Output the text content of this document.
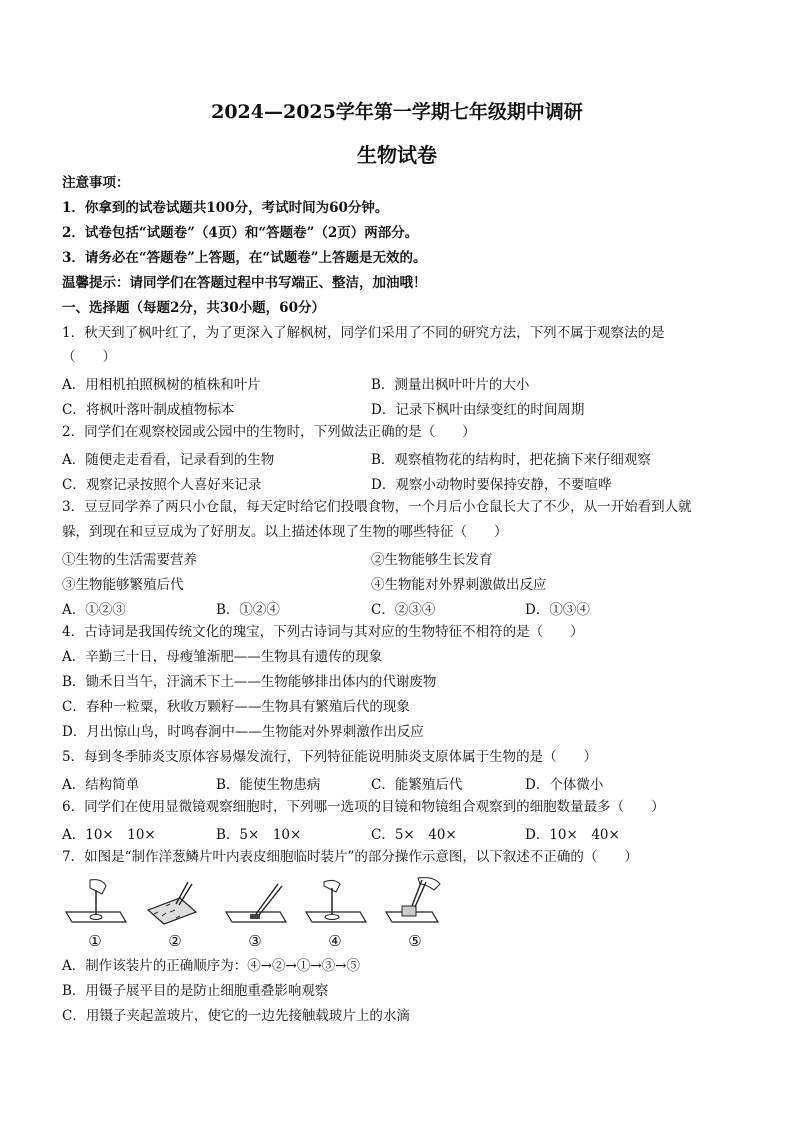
2024—2025学年第一学期七年级期中调研
生物试卷
注意事项：
1．你拿到的试卷试题共100分，考试时间为60分钟。
2．试卷包括“试题卷”（4页）和“答题卷”（2页）两部分。
3．请务必在“答题卷”上答题，在“试题卷”上答题是无效的。
温馨提示：请同学们在答题过程中书写端正、整洁，加油哦！
一、选择题（每题2分，共30小题，60分）
1．秋天到了枫叶红了，为了更深入了解枫树，同学们采用了不同的研究方法，下列不属于观察法的是
（　　）
A．用相机拍照枫树的植株和叶片	B．测量出枫叶叶片的大小
C．将枫叶落叶制成植物标本	D．记录下枫叶由绿变红的时间周期
2．同学们在观察校园或公园中的生物时，下列做法正确的是（　　）
A．随便走走看看，记录看到的生物	B．观察植物花的结构时，把花摘下来仔细观察
C．观察记录按照个人喜好来记录	D．观察小动物时要保持安静，不要喧哗
3．豆豆同学养了两只小仓鼠，每天定时给它们投喂食物，一个月后小仓鼠长大了不少，从一开始看到人就
躲，到现在和豆豆成为了好朋友。以上描述体现了生物的哪些特征（　　）
①生物的生活需要营养	②生物能够生长发育
③生物能够繁殖后代	④生物能对外界刺激做出反应
A．①②③	B．①②④	C．②③④	D．①③④
4．古诗词是我国传统文化的瑰宝，下列古诗词与其对应的生物特征不相符的是（　　）
A．辛勤三十日，母瘦雏渐肥——生物具有遗传的现象
B．锄禾日当午，汗滴禾下土——生物能够排出体内的代谢废物
C．春种一粒粟，秋收万颗籽——生物具有繁殖后代的现象
D．月出惊山鸟，时鸣春涧中——生物能对外界刺激作出反应
5．每到冬季肺炎支原体容易爆发流行，下列特征能说明肺炎支原体属于生物的是（　　）
A．结构简单	B．能使生物患病	C．能繁殖后代	D．个体微小
6．同学们在使用显微镜观察细胞时，下列哪一选项的目镜和物镜组合观察到的细胞数量最多（　　）
A．10×　10×	B．5×　10×	C．5×　40×	D．10×　40×
7．如图是“制作洋葱鳞片叶内表皮细胞临时装片”的部分操作示意图，以下叙述不正确的（　　）
①	②	③	④	⑤
A．制作该装片的正确顺序为：④→②→①→③→⑤
B．用镊子展平目的是防止细胞重叠影响观察
C．用镊子夹起盖玻片，使它的一边先接触载玻片上的水滴
